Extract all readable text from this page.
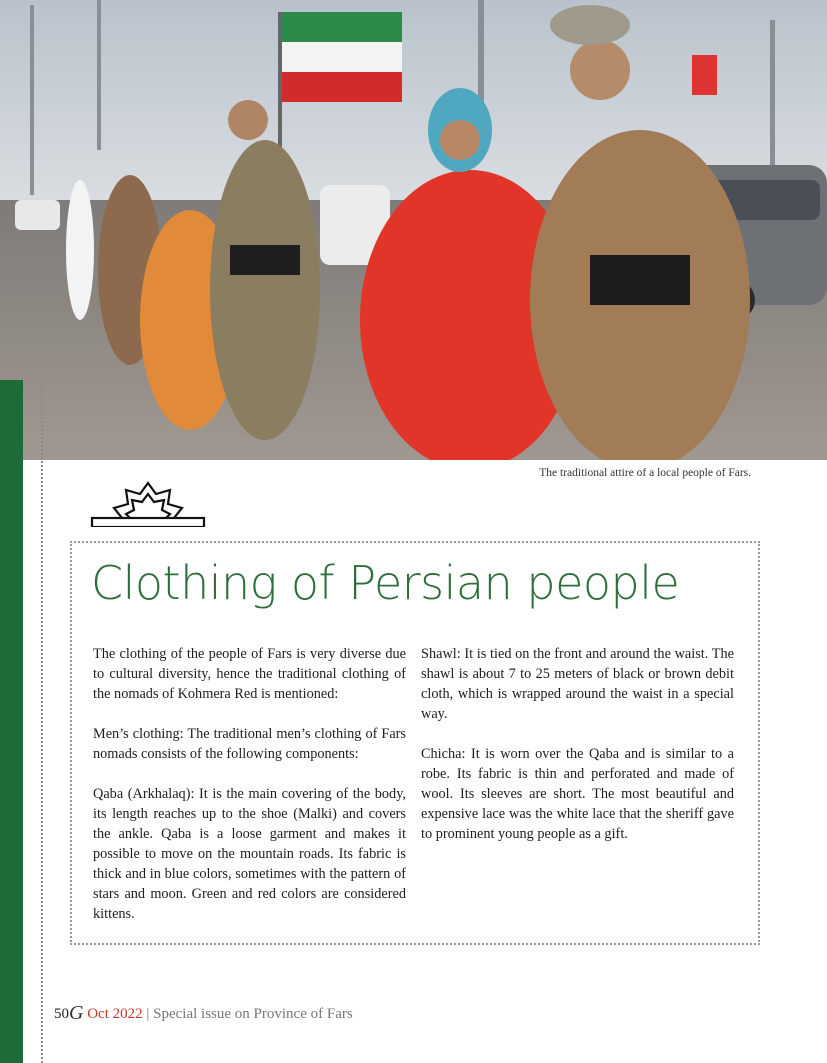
The traditional attire of a local people of Fars.
Clothing of Persian people

The clothing of the people of Fars is very diverse due to cultural diversity, hence the traditional clothing of the nomads of Kohmera Red is mentioned:

Men’s clothing: The traditional men’s clothing of Fars nomads consists of the following components:

Qaba (Arkhalaq): It is the main covering of the body, its length reaches up to the shoe (Malki) and covers the ankle. Qaba is a loose garment and makes it possible to move on the mountain roads. Its fabric is thick and in blue colors, sometimes with the pattern of stars and moon. Green and red colors are considered kittens.

Shawl: It is tied on the front and around the waist. The shawl is about 7 to 25 meters of black or brown debit cloth, which is wrapped around the waist in a special way.

Chicha: It is worn over the Qaba and is similar to a robe. Its fabric is thin and perforated and made of wool. Its sleeves are short. The most beautiful and expensive lace was the white lace that the sheriff gave to prominent young people as a gift.

50G Oct 2022 | Special issue on Province of Fars
